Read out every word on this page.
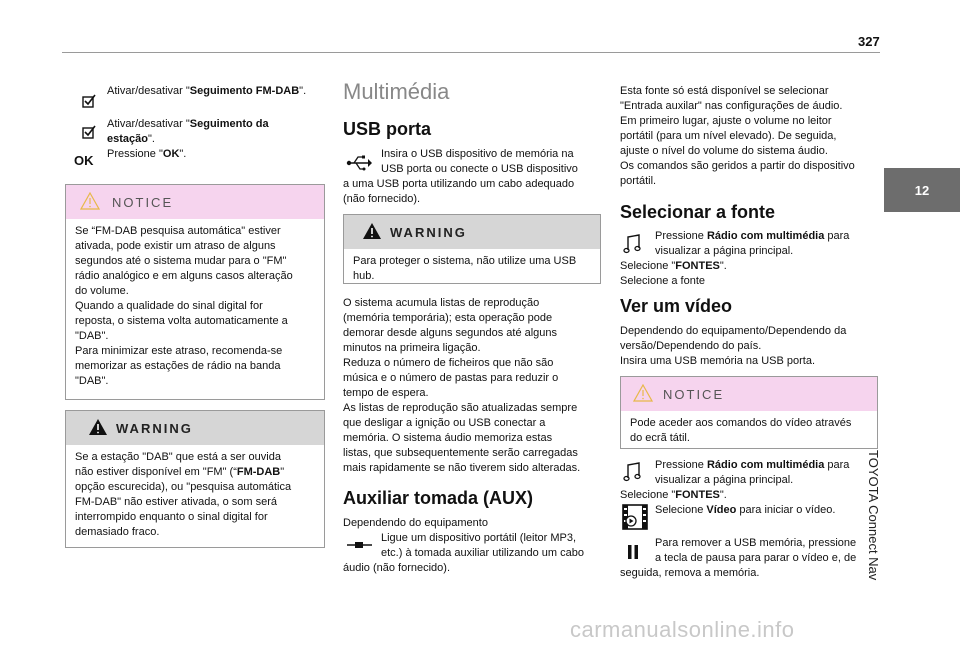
327
12
TOYOTA Connect Nav
Ativar/desativar "Seguimento FM-DAB".
Ativar/desativar "Seguimento da
estação".
Pressione "OK".
OK
NOTICE
Se “FM-DAB pesquisa automática" estiver
ativada, pode existir um atraso de alguns
segundos até o sistema mudar para o "FM"
rádio analógico e em alguns casos alteração
do volume.
Quando a qualidade do sinal digital for
reposta, o sistema volta automaticamente a
"DAB".
Para minimizar este atraso, recomenda-se
memorizar as estações de rádio na banda
"DAB".
WARNING
Se a estação "DAB" que está a ser ouvida
não estiver disponível em "FM" (“FM-DAB"
opção escurecida), ou "pesquisa automática
FM-DAB" não estiver ativada, o som será
interrompido enquanto o sinal digital for
demasiado fraco.
Multimédia
USB porta
Insira o USB dispositivo de memória na
USB porta ou conecte o USB dispositivo
a uma USB porta utilizando um cabo adequado
(não fornecido).
WARNING
Para proteger o sistema, não utilize uma USB
hub.
O sistema acumula listas de reprodução
(memória temporária); esta operação pode
demorar desde alguns segundos até alguns
minutos na primeira ligação.
Reduza o número de ficheiros que não são
música e o número de pastas para reduzir o
tempo de espera.
As listas de reprodução são atualizadas sempre
que desligar a ignição ou USB conectar a
memória. O sistema áudio memoriza estas
listas, que subsequentemente serão carregadas
mais rapidamente se não tiverem sido alteradas.
Auxiliar tomada (AUX)
Dependendo do equipamento
Ligue um dispositivo portátil (leitor MP3,
etc.) à tomada auxiliar utilizando um cabo
áudio (não fornecido).
Esta fonte só está disponível se selecionar
"Entrada auxilar" nas configurações de áudio.
Em primeiro lugar, ajuste o volume no leitor
portátil (para um nível elevado). De seguida,
ajuste o nível do volume do sistema áudio.
Os comandos são geridos a partir do dispositivo
portátil.
Selecionar a fonte
Pressione Rádio com multimédia para
visualizar a página principal.
Selecione "FONTES".
Selecione a fonte
Ver um vídeo
Dependendo do equipamento/Dependendo da
versão/Dependendo do país.
Insira uma USB memória na USB porta.
NOTICE
Pode aceder aos comandos do vídeo através
do ecrã tátil.
Pressione Rádio com multimédia para
visualizar a página principal.
Selecione "FONTES".
Selecione Vídeo para iniciar o vídeo.
Para remover a USB memória, pressione
a tecla de pausa para parar o vídeo e, de
seguida, remova a memória.
carmanualsonline.info
